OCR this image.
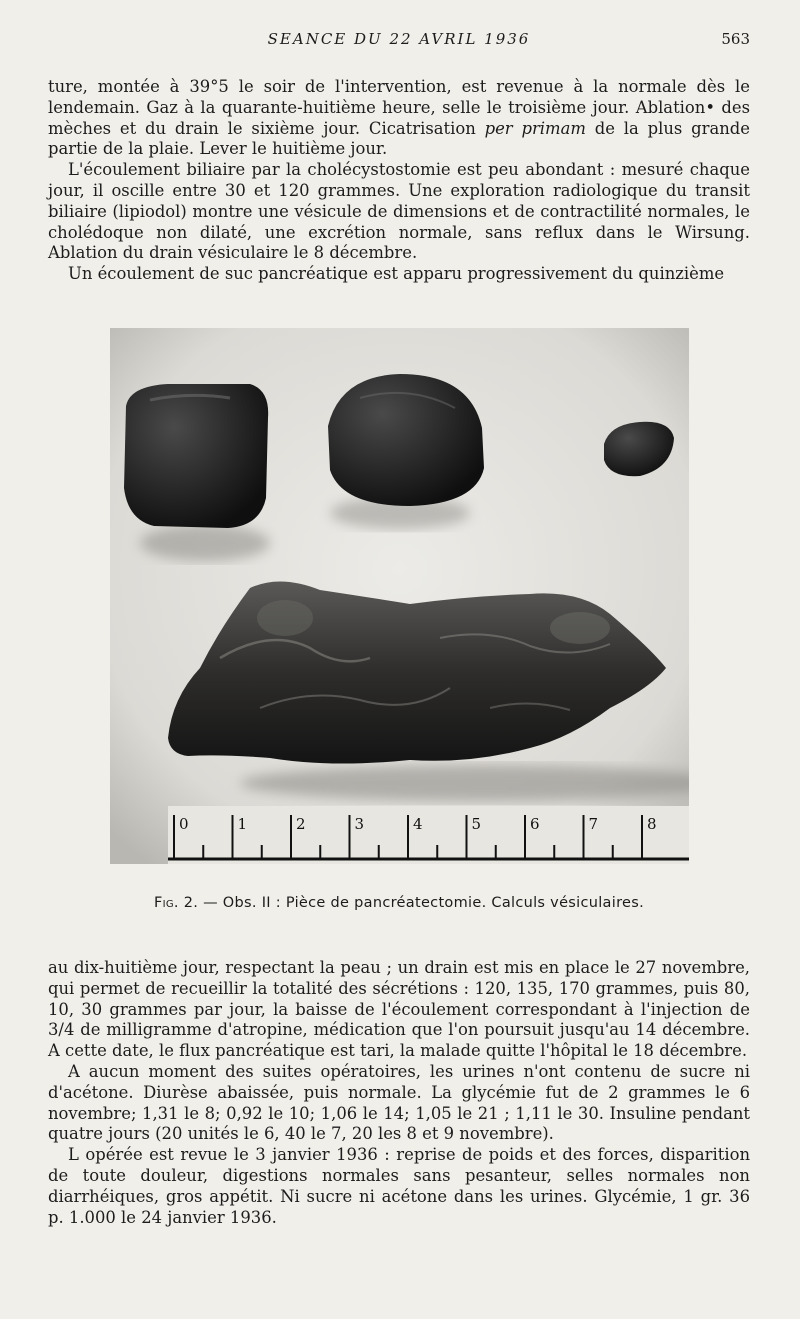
SEANCE DU 22 AVRIL 1936	563

ture, montée à 39°5 le soir de l'intervention, est revenue à la normale dès le lendemain. Gaz à la quarante-huitième heure, selle le troisième jour. Ablation• des mèches et du drain le sixième jour. Cicatrisation per primam de la plus grande partie de la plaie. Lever le huitième jour.

L'écoulement biliaire par la cholécystostomie est peu abondant : mesuré chaque jour, il oscille entre 30 et 120 grammes. Une exploration radiologique du transit biliaire (lipiodol) montre une vésicule de dimensions et de contractilité normales, le cholédoque non dilaté, une excrétion normale, sans reflux dans le Wirsung. Ablation du drain vésiculaire le 8 décembre.

Un écoulement de suc pancréatique est apparu progressivement du quinzième

0	1	2	3	4	5	6	7	8
Fig. 2. — Obs. II : Pièce de pancréatectomie. Calculs vésiculaires.

au dix-huitième jour, respectant la peau ; un drain est mis en place le 27 novembre, qui permet de recueillir la totalité des sécrétions : 120, 135, 170 grammes, puis 80, 10, 30 grammes par jour, la baisse de l'écoulement correspondant à l'injection de 3/4 de milligramme d'atropine, médication que l'on poursuit jusqu'au 14 décembre. A cette date, le flux pancréatique est tari, la malade quitte l'hôpital le 18 décembre.

A aucun moment des suites opératoires, les urines n'ont contenu de sucre ni d'acétone. Diurèse abaissée, puis normale. La glycémie fut de 2 grammes le 6 novembre; 1,31 le 8; 0,92 le 10; 1,06 le 14; 1,05 le 21 ; 1,11 le 30. Insuline pendant quatre jours (20 unités le 6, 40 le 7, 20 les 8 et 9 novembre).

L opérée est revue le 3 janvier 1936 : reprise de poids et des forces, disparition de toute douleur, digestions normales sans pesanteur, selles normales non diarrhéiques, gros appétit. Ni sucre ni acétone dans les urines. Glycémie, 1 gr. 36 p. 1.000 le 24 janvier 1936.
